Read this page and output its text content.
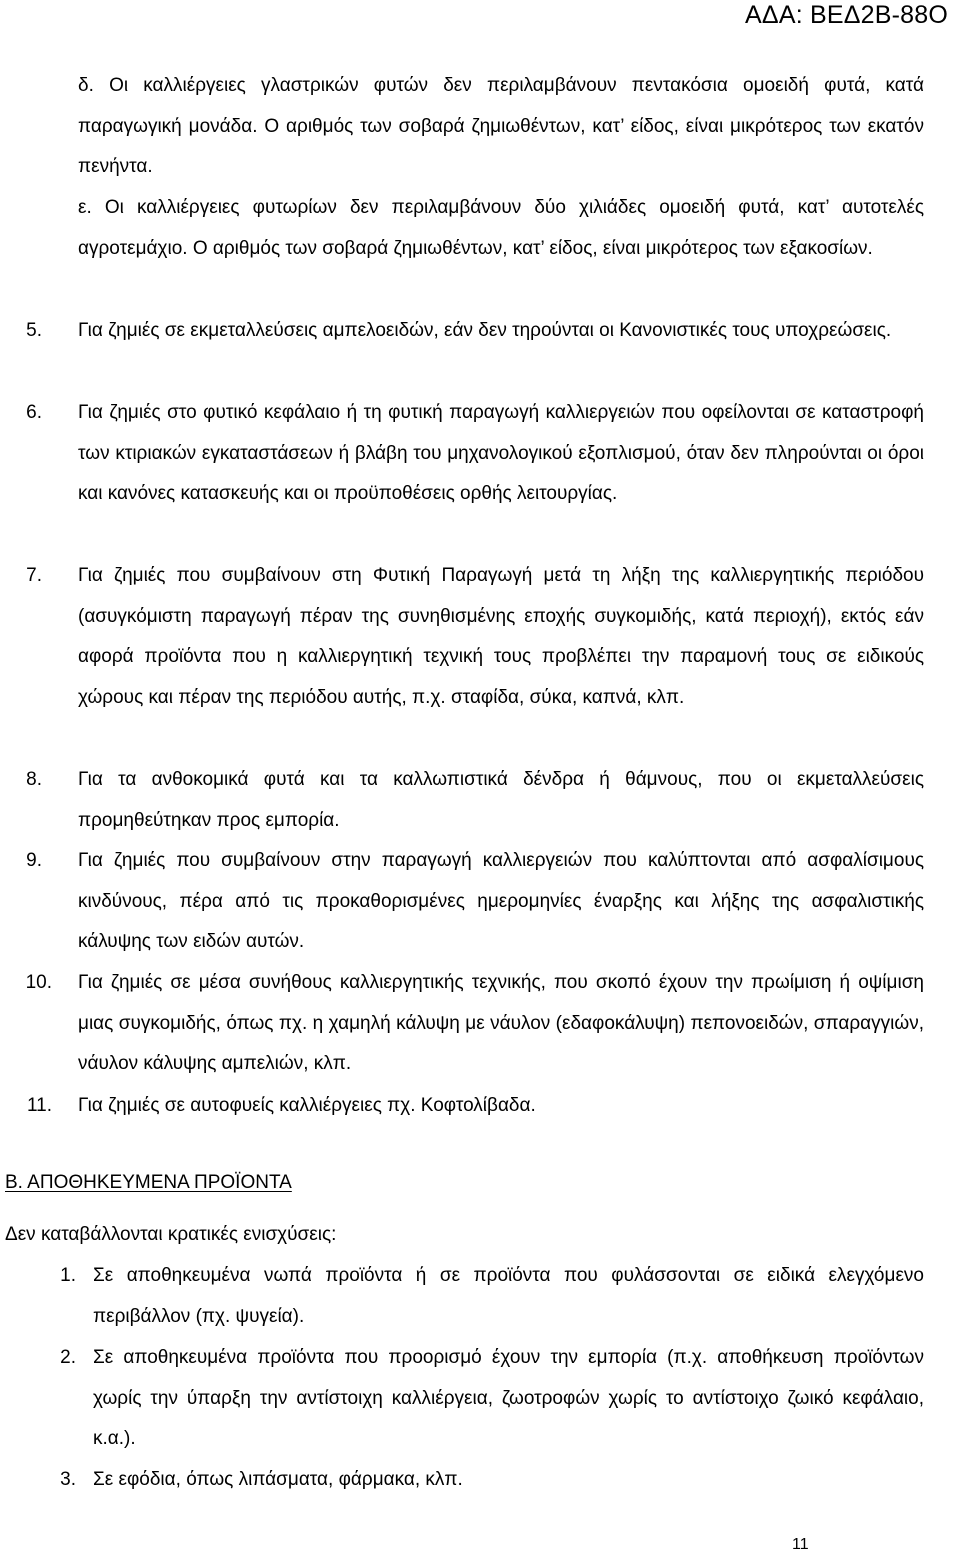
ΑΔΑ: ΒΕΔ2Β-88Ο
δ. Οι καλλιέργειες γλαστρικών φυτών δεν περιλαμβάνουν πεντακόσια ομοειδή φυτά, κατά παραγωγική μονάδα. Ο αριθμός των σοβαρά ζημιωθέντων, κατ’ είδος, είναι μικρότερος των εκατόν πενήντα.
ε. Οι καλλιέργειες φυτωρίων δεν περιλαμβάνουν δύο χιλιάδες ομοειδή φυτά, κατ’ αυτοτελές αγροτεμάχιο. Ο αριθμός των σοβαρά ζημιωθέντων, κατ’ είδος, είναι μικρότερος των εξακοσίων.
5. Για ζημιές σε εκμεταλλεύσεις αμπελοειδών, εάν δεν τηρούνται οι Κανονιστικές τους υποχρεώσεις.
6. Για ζημιές στο φυτικό κεφάλαιο ή τη φυτική παραγωγή καλλιεργειών που οφείλονται σε καταστροφή των κτιριακών εγκαταστάσεων ή βλάβη του μηχανολογικού εξοπλισμού, όταν δεν πληρούνται οι όροι και κανόνες κατασκευής και οι προϋποθέσεις ορθής λειτουργίας.
7. Για ζημιές που συμβαίνουν στη Φυτική Παραγωγή μετά τη λήξη της καλλιεργητικής περιόδου (ασυγκόμιστη παραγωγή πέραν της συνηθισμένης εποχής συγκομιδής, κατά περιοχή), εκτός εάν αφορά προϊόντα που η καλλιεργητική τεχνική τους προβλέπει την παραμονή τους σε ειδικούς χώρους και πέραν της περιόδου αυτής, π.χ. σταφίδα, σύκα, καπνά, κλπ.
8. Για τα ανθοκομικά φυτά και τα καλλωπιστικά δένδρα ή θάμνους, που οι εκμεταλλεύσεις προμηθεύτηκαν προς εμπορία.
9. Για ζημιές που συμβαίνουν στην παραγωγή καλλιεργειών που καλύπτονται από ασφαλίσιμους κινδύνους, πέρα από τις προκαθορισμένες ημερομηνίες έναρξης και λήξης της ασφαλιστικής κάλυψης των ειδών αυτών.
10. Για ζημιές σε μέσα συνήθους καλλιεργητικής τεχνικής, που σκοπό έχουν την πρωίμιση ή οψίμιση μιας συγκομιδής, όπως πχ. η χαμηλή κάλυψη με νάυλον (εδαφοκάλυψη) πεπονοειδών, σπαραγγιών, νάυλον κάλυψης αμπελιών, κλπ.
11. Για ζημιές σε αυτοφυείς καλλιέργειες πχ. Κοφτολίβαδα.
Β. ΑΠΟΘΗΚΕΥΜΕΝΑ ΠΡΟΪΟΝΤΑ
Δεν καταβάλλονται κρατικές ενισχύσεις:
1. Σε αποθηκευμένα νωπά προϊόντα ή σε προϊόντα που φυλάσσονται σε ειδικά ελεγχόμενο περιβάλλον (πχ. ψυγεία).
2. Σε αποθηκευμένα προϊόντα που προορισμό έχουν την εμπορία (π.χ. αποθήκευση προϊόντων χωρίς την ύπαρξη την αντίστοιχη καλλιέργεια, ζωοτροφών χωρίς το αντίστοιχο ζωικό κεφάλαιο, κ.α.).
3. Σε εφόδια, όπως λιπάσματα, φάρμακα, κλπ.
11
